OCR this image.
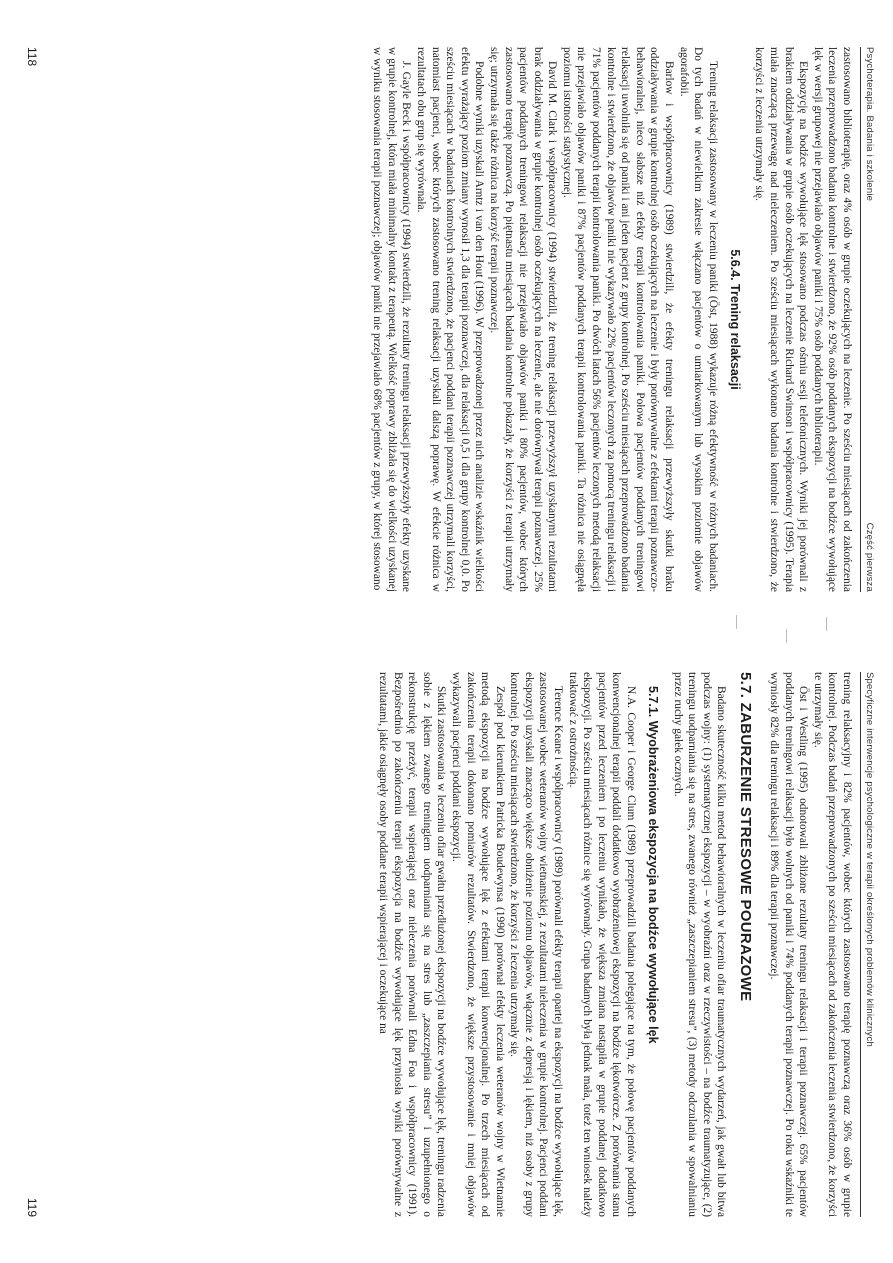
Psychoterapia. Badania i szkolenie
Część pierwsza

zastosowano biblioterapię, oraz 4% osób w grupie oczekujących na leczenie. Po sześciu miesiącach od zakończenia leczenia przeprowadzono badania kontrolne i stwierdzono, że 92% osób poddanych ekspozycji na bodźce wywołujące lęk w wersji grupowej nie przejawiało objawów paniki i 75% osób poddanych biblioterapii.

Ekspozycję na bodźce wywołujące lęk stosowano podczas ośmiu sesji telefonicznych. Wyniki jej porównali z brakiem oddziaływania w grupie osób oczekujących na leczenie Richard Swinson i współpracownicy (1995). Terapia miała znaczącą przewagę nad nieleczeniem. Po sześciu miesiącach wykonano badania kontrolne i stwierdzono, że korzyści z leczenia utrzymały się.

5.6.4. Trening relaksacji

Trening relaksacji zastosowany w leczeniu paniki (Öst, 1988) wykazuje różną efektywność w różnych badaniach. Do tych badań w niewielkim zakresie włączano pacjentów o umiarkowanym lub wysokim poziomie objawów agorafobii.

Barlow i współpracownicy (1989) stwierdzili, że efekty treningu relaksacji przewyższyły skutki braku oddziaływania w grupie kontrolnej osób oczekujących na leczenie i były porównywalne z efektami terapii poznawczo-behawioralnej, nieco słabsze niż efekty terapii kontrolowania paniki. Połowa pacjentów poddanych treningowi relaksacji uwolniła się od paniki i ani jeden pacjent z grupy kontrolnej. Po sześciu miesiącach przeprowadzono badania kontrolne i stwierdzono, że objawów paniki nie wykazywało 22% pacjentów leczonych za pomocą treningu relaksacji i 71% pacjentów poddanych terapii kontrolowania paniki. Po dwóch latach 56% pacjentów leczonych metodą relaksacji nie przejawiało objawów paniki i 87% pacjentów poddanych terapii kontrolowania paniki. Ta różnica nie osiągnęła poziomu istotności statystycznej.

David M. Clark i współpracownicy (1994) stwierdzili, że trening relaksacji przewyższył uzyskanymi rezultatami brak oddziaływania w grupie kontrolnej osób oczekujących na leczenie, ale nie dorównywał terapii poznawczej. 25% pacjentów poddanych treningowi relaksacji nie przejawiało objawów paniki i 80% pacjentów, wobec których zastosowano terapię poznawczą. Po piętnastu miesiącach badania kontrolne pokazały, że korzyści z terapii utrzymały się; utrzymała się także różnica na korzyść terapii poznawczej.

Podobne wyniki uzyskali Arntz i van den Hout (1996). W przeprowadzonej przez nich analizie wskaźnik wielkości efektu wyrażający poziom zmiany wynosił 1,3 dla terapii poznawczej, dla relaksacji 0,5 i dla grupy kontrolnej 0,0. Po sześciu miesiącach w badaniach kontrolnych stwierdzono, że pacjenci poddani terapii poznawczej utrzymali korzyści, natomiast pacjenci, wobec których zastosowano trening relaksacji uzyskali dalszą poprawę. W efekcie różnica w rezultatach obu grup się wyrównała.

J. Gayle Beck i współpracownicy (1994) stwierdzili, że rezultaty treningu relaksacji przewyższyły efekty uzyskane w grupie kontrolnej, która miała minimalny kontakt z terapeutą. Wielkość poprawy zbliżała się do wielkości uzyskanej w wyniku stosowania terapii poznawczej; objawów paniki nie przejawiało 68% pacjentów z grupy, w której stosowano

118
Specyficzne interwencje psychologiczne w terapii określonych problemów klinicznych

trening relaksacyjny i 82% pacjentów, wobec których zastosowano terapię poznawczą oraz 36% osób w grupie kontrolnej. Podczas badań przeprowadzonych po sześciu miesiącach od zakończenia leczenia stwierdzono, że korzyści te utrzymały się.

Öst i Westling (1995) odnotowali zbliżone rezultaty treningu relaksacji i terapii poznawczej. 65% pacjentów poddanych treningowi relaksacji było wolnych od paniki i 74% poddanych terapii poznawczej. Po roku wskaźniki te wyniosły 82% dla treningu relaksacji i 89% dla terapii poznawczej.

5.7. ZABURZENIE STRESOWE POURAZOWE

Badano skuteczność kilku metod behawioralnych w leczeniu ofiar traumatycznych wydarzeń, jak gwałt lub bitwa podczas wojny: (1) systematycznej ekspozycji – w wyobraźni oraz w rzeczywistości – na bodźce traumatyzujące, (2) treningu uodparniania się na stres, zwanego również „zaszczepianiem stresu”, (3) metody odczulania w spowalnianiu przez ruchy gałek ocznych.

5.7.1. Wyobrażeniowa ekspozycja na bodźce wywołujące lęk

N.A. Cooper i George Clum (1989) przeprowadzili badania polegające na tym, że połowę pacjentów poddanych konwencjonalnej terapii poddali dodatkowo wyobrażeniowej ekspozycji na bodźce lękotwórcze. Z porównania stanu pacjentów przed leczeniem i po leczeniu wynikało, że większa zmiana nastąpiła w grupie poddanej dodatkowo ekspozycji. Po sześciu miesiącach różnice się wyrównały. Grupa badanych była jednak mała, toteż ten wniosek należy traktować z ostrożnością.

Terence Keane i współpracownicy (1989) porównali efekty terapii opartej na ekspozycji na bodźce wywołujące lęk, zastosowanej wobec weteranów wojny wietnamskiej, z rezultatami nieleczenia w grupie kontrolnej. Pacjenci poddani ekspozycji uzyskali znacząco większe obniżenie poziomu objawów, włącznie z depresją i lękiem, niż osoby z grupy kontrolnej. Po sześciu miesiącach stwierdzono, że korzyści z leczenia utrzymały się.

Zespół pod kierunkiem Patricka Boudewynsa (1990) porównał efekty leczenia weteranów wojny w Wietnamie metodą ekspozycji na bodźce wywołujące lęk z efektami terapii konwencjonalnej. Po trzech miesiącach od zakończenia terapii dokonano pomiarów rezultatów. Stwierdzono, że większe przystosowanie i mniej objawów wykazywali pacjenci poddani ekspozycji.

Skutki zastosowania w leczeniu ofiar gwałtu przedłużonej ekspozycji na bodźce wywołujące lęk, treningu radzenia sobie z lękiem zwanego treningiem uodparniania się na stres lub „zaszczepiania stresu” i uzupełnionego o rekonstrukcję przeżyć, terapii wspierającej oraz nieleczenia porównali Edna Foa i współpracownicy (1991). Bezpośrednio po zakończeniu terapii ekspozycja na bodźce wywołujące lęk przyniosła wyniki porównywalne z rezultatami, jakie osiągnęły osoby poddane terapii wspierającej i oczekujące na

119
